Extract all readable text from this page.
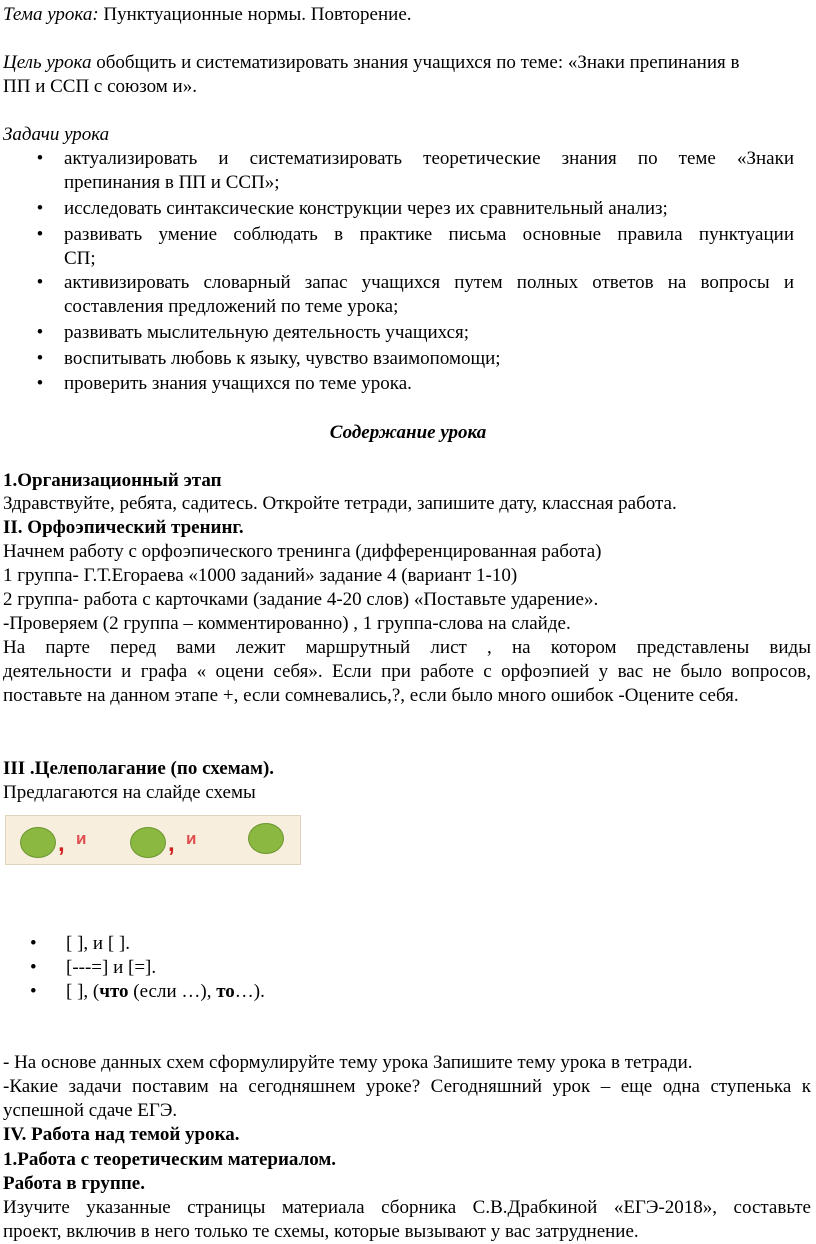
Тема урока: Пунктуационные нормы. Повторение.
Цель урока обобщить и систематизировать знания учащихся по теме: «Знаки препинания в
ПП и ССП с союзом и».
Задачи урока
• актуализировать и систематизировать теоретические знания по теме «Знаки
препинания в ПП и ССП»;
• исследовать синтаксические конструкции через их сравнительный анализ;
• развивать умение соблюдать в практике письма основные правила пунктуации
СП;
• активизировать словарный запас учащихся путем полных ответов на вопросы и
составления предложений по теме урока;
• развивать мыслительную деятельность учащихся;
• воспитывать любовь к языку, чувство взаимопомощи;
• проверить знания учащихся по теме урока.
Содержание урока
1.Организационный этап
Здравствуйте, ребята, садитесь. Откройте тетради, запишите дату, классная работа.
II. Орфоэпический тренинг.
Начнем работу с орфоэпического тренинга (дифференцированная работа)
1 группа- Г.Т.Егораева «1000 заданий» задание 4 (вариант 1-10)
2 группа- работа с карточками (задание 4-20 слов) «Поставьте ударение».
-Проверяем (2 группа – комментированно) , 1 группа-слова на слайде.
На парте перед вами лежит маршрутный лист , на котором представлены виды
деятельности и графа « оцени себя». Если при работе с орфоэпией у вас не было вопросов,
поставьте на данном этапе +, если сомневались,?, если было много ошибок -Оцените себя.
III .Целеполагание (по схемам).
Предлагаются на слайде схемы
, и	, и
• [ ], и [ ].
• [---=] и [=].
• [ ], (что (если …), то…).
- На основе данных схем сформулируйте тему урока Запишите тему урока в тетради.
-Какие задачи поставим на сегодняшнем уроке? Сегодняшний урок – еще одна ступенька к
успешной сдаче ЕГЭ.
IV. Работа над темой урока.
1.Работа с теоретическим материалом.
Работа в группе.
Изучите указанные страницы материала сборника С.В.Драбкиной «ЕГЭ-2018», составьте
проект, включив в него только те схемы, которые вызывают у вас затруднение.
